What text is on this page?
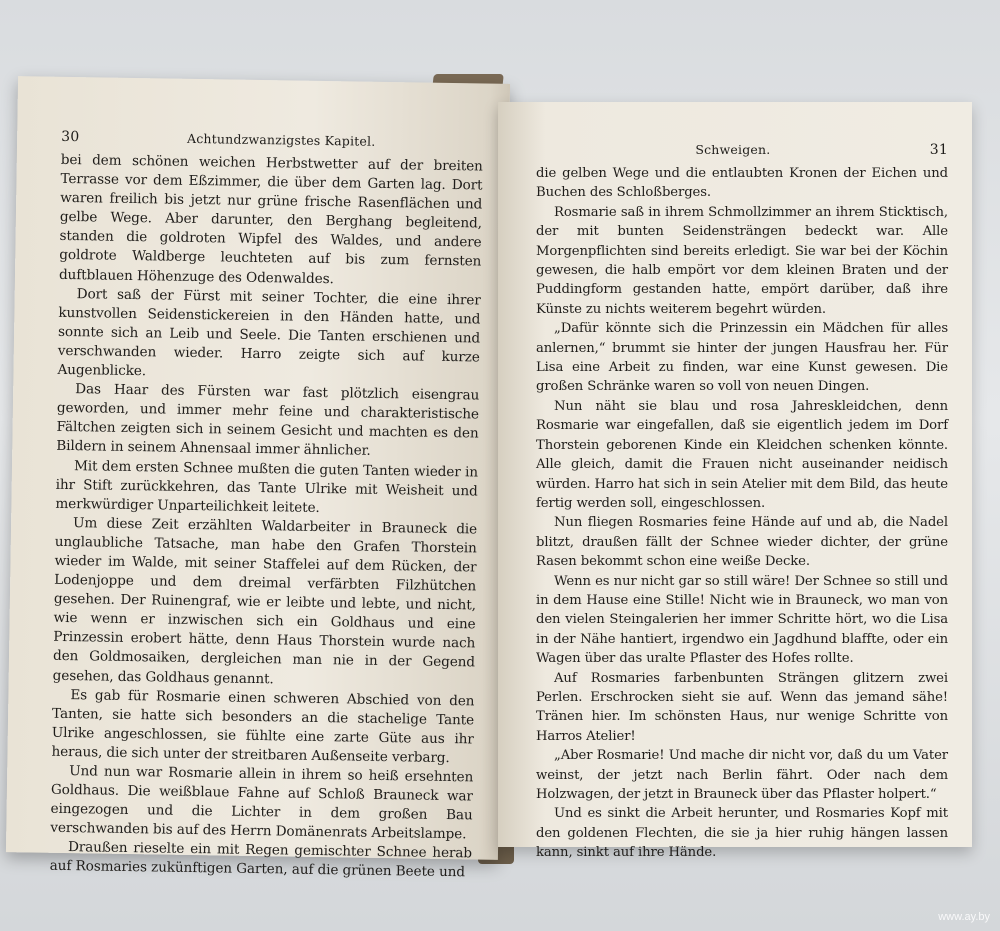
30	Achtundzwanzigstes Kapitel.

bei dem schönen weichen Herbstwetter auf der breiten Terrasse vor dem Eßzimmer, die über dem Garten lag. Dort waren freilich bis jetzt nur grüne frische Rasenflächen und gelbe Wege. Aber darunter, den Berghang begleitend, standen die goldroten Wipfel des Waldes, und andere goldrote Waldberge leuchteten auf bis zum fernsten duftblauen Höhenzuge des Odenwaldes.

Dort saß der Fürst mit seiner Tochter, die eine ihrer kunstvollen Seidenstickereien in den Händen hatte, und sonnte sich an Leib und Seele. Die Tanten erschienen und verschwanden wieder. Harro zeigte sich auf kurze Augenblicke.

Das Haar des Fürsten war fast plötzlich eisengrau geworden, und immer mehr feine und charakteristische Fältchen zeigten sich in seinem Gesicht und machten es den Bildern in seinem Ahnensaal immer ähnlicher.

Mit dem ersten Schnee mußten die guten Tanten wieder in ihr Stift zurückkehren, das Tante Ulrike mit Weisheit und merkwürdiger Unparteilichkeit leitete.

Um diese Zeit erzählten Waldarbeiter in Brauneck die unglaubliche Tatsache, man habe den Grafen Thorstein wieder im Walde, mit seiner Staffelei auf dem Rücken, der Lodenjoppe und dem dreimal verfärbten Filzhütchen gesehen. Der Ruinengraf, wie er leibte und lebte, und nicht, wie wenn er inzwischen sich ein Goldhaus und eine Prinzessin erobert hätte, denn Haus Thorstein wurde nach den Goldmosaiken, dergleichen man nie in der Gegend gesehen, das Goldhaus genannt.

Es gab für Rosmarie einen schweren Abschied von den Tanten, sie hatte sich besonders an die stachelige Tante Ulrike angeschlossen, sie fühlte eine zarte Güte aus ihr heraus, die sich unter der streitbaren Außenseite verbarg.

Und nun war Rosmarie allein in ihrem so heiß ersehnten Goldhaus. Die weißblaue Fahne auf Schloß Brauneck war eingezogen und die Lichter in dem großen Bau verschwanden bis auf des Herrn Domänenrats Arbeitslampe.

Draußen rieselte ein mit Regen gemischter Schnee herab auf Rosmaries zukünftigen Garten, auf die grünen Beete und

Schweigen.	31

die gelben Wege und die entlaubten Kronen der Eichen und Buchen des Schloßberges.

Rosmarie saß in ihrem Schmollzimmer an ihrem Sticktisch, der mit bunten Seidensträngen bedeckt war. Alle Morgenpflichten sind bereits erledigt. Sie war bei der Köchin gewesen, die halb empört vor dem kleinen Braten und der Puddingform gestanden hatte, empört darüber, daß ihre Künste zu nichts weiterem begehrt würden.

„Dafür könnte sich die Prinzessin ein Mädchen für alles anlernen,“ brummt sie hinter der jungen Hausfrau her. Für Lisa eine Arbeit zu finden, war eine Kunst gewesen. Die großen Schränke waren so voll von neuen Dingen.

Nun näht sie blau und rosa Jahreskleidchen, denn Rosmarie war eingefallen, daß sie eigentlich jedem im Dorf Thorstein geborenen Kinde ein Kleidchen schenken könnte. Alle gleich, damit die Frauen nicht auseinander neidisch würden. Harro hat sich in sein Atelier mit dem Bild, das heute fertig werden soll, eingeschlossen.

Nun fliegen Rosmaries feine Hände auf und ab, die Nadel blitzt, draußen fällt der Schnee wieder dichter, der grüne Rasen bekommt schon eine weiße Decke.

Wenn es nur nicht gar so still wäre! Der Schnee so still und in dem Hause eine Stille! Nicht wie in Brauneck, wo man von den vielen Steingalerien her immer Schritte hört, wo die Lisa in der Nähe hantiert, irgendwo ein Jagdhund blaffte, oder ein Wagen über das uralte Pflaster des Hofes rollte.

Auf Rosmaries farbenbunten Strängen glitzern zwei Perlen. Erschrocken sieht sie auf. Wenn das jemand sähe! Tränen hier. Im schönsten Haus, nur wenige Schritte von Harros Atelier!

„Aber Rosmarie! Und mache dir nicht vor, daß du um Vater weinst, der jetzt nach Berlin fährt. Oder nach dem Holzwagen, der jetzt in Brauneck über das Pflaster holpert.“

Und es sinkt die Arbeit herunter, und Rosmaries Kopf mit den goldenen Flechten, die sie ja hier ruhig hängen lassen kann, sinkt auf ihre Hände.

www.ay.by
